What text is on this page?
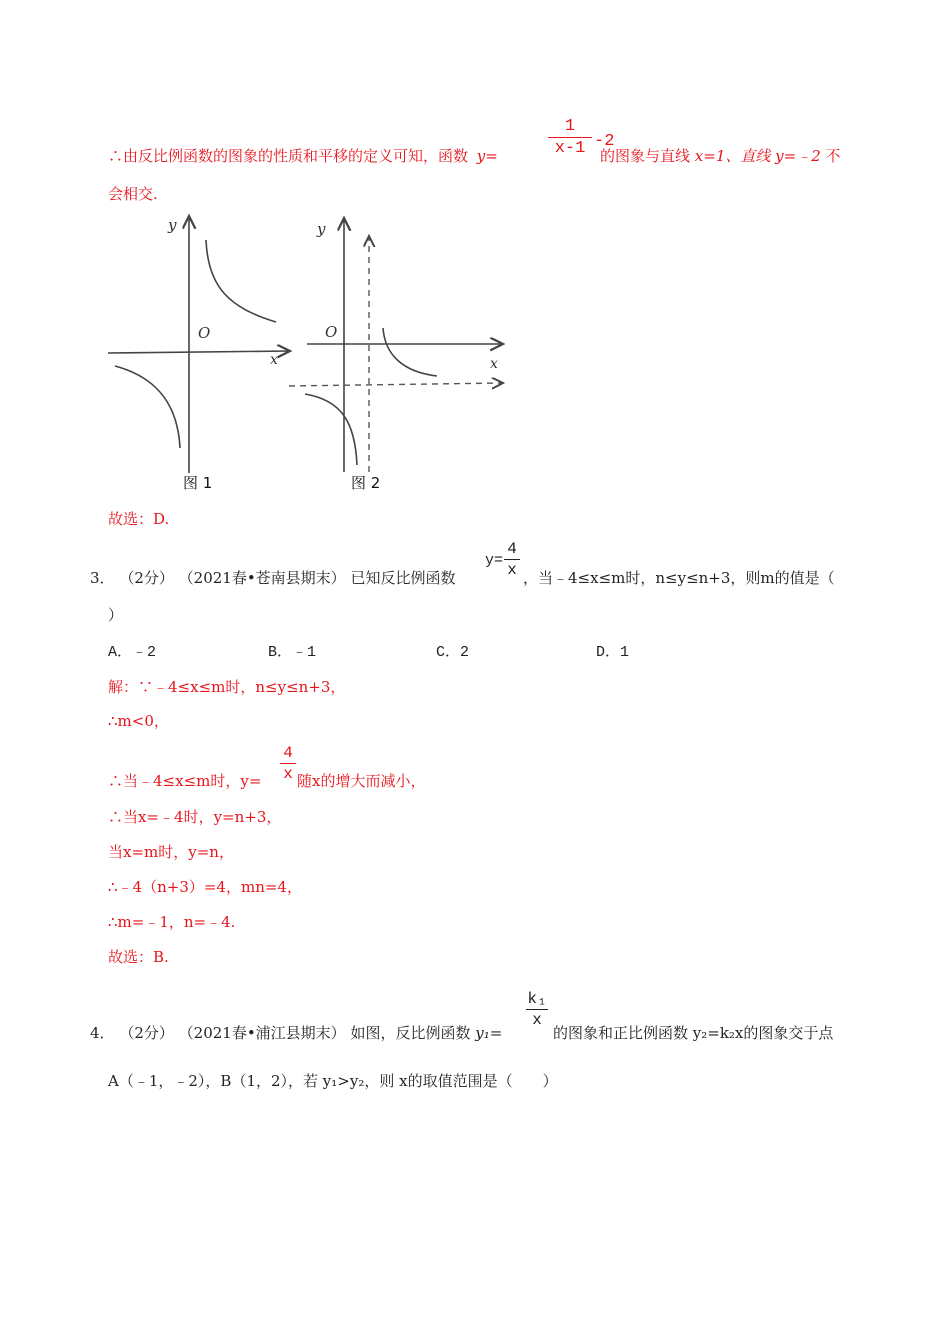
∴由反比例函数的图象的性质和平移的定义可知，函数 y=
1
x-1 -2
的图象与直线 x=1、直线 y=﹣2 不
会相交.
y
x
O
图 1
y
x
O
图 2
故选：D.
3． （2分） （2021春•苍南县期末） 已知反比例函数
y=
4
x ，当﹣4≤x≤m时，n≤y≤n+3，则m的值是（
）
A．﹣2	B．﹣1	C．2	D．1
解：∵﹣4≤x≤m时，n≤y≤n+3，
∴m<0，
∴当﹣4≤x≤m时，y=
4
x 随x的增大而减小，
∴当x=﹣4时，y=n+3，
当x=m时，y=n，
∴﹣4（n+3）=4，mn=4，
∴m=﹣1，n=﹣4.
故选：B.
4． （2分） （2021春•浦江县期末） 如图，反比例函数 y₁=
k₁
x
的图象和正比例函数 y₂=k₂x的图象交于点
A（﹣1，﹣2），B（1，2），若 y₁>y₂，则 x的取值范围是（　　）
